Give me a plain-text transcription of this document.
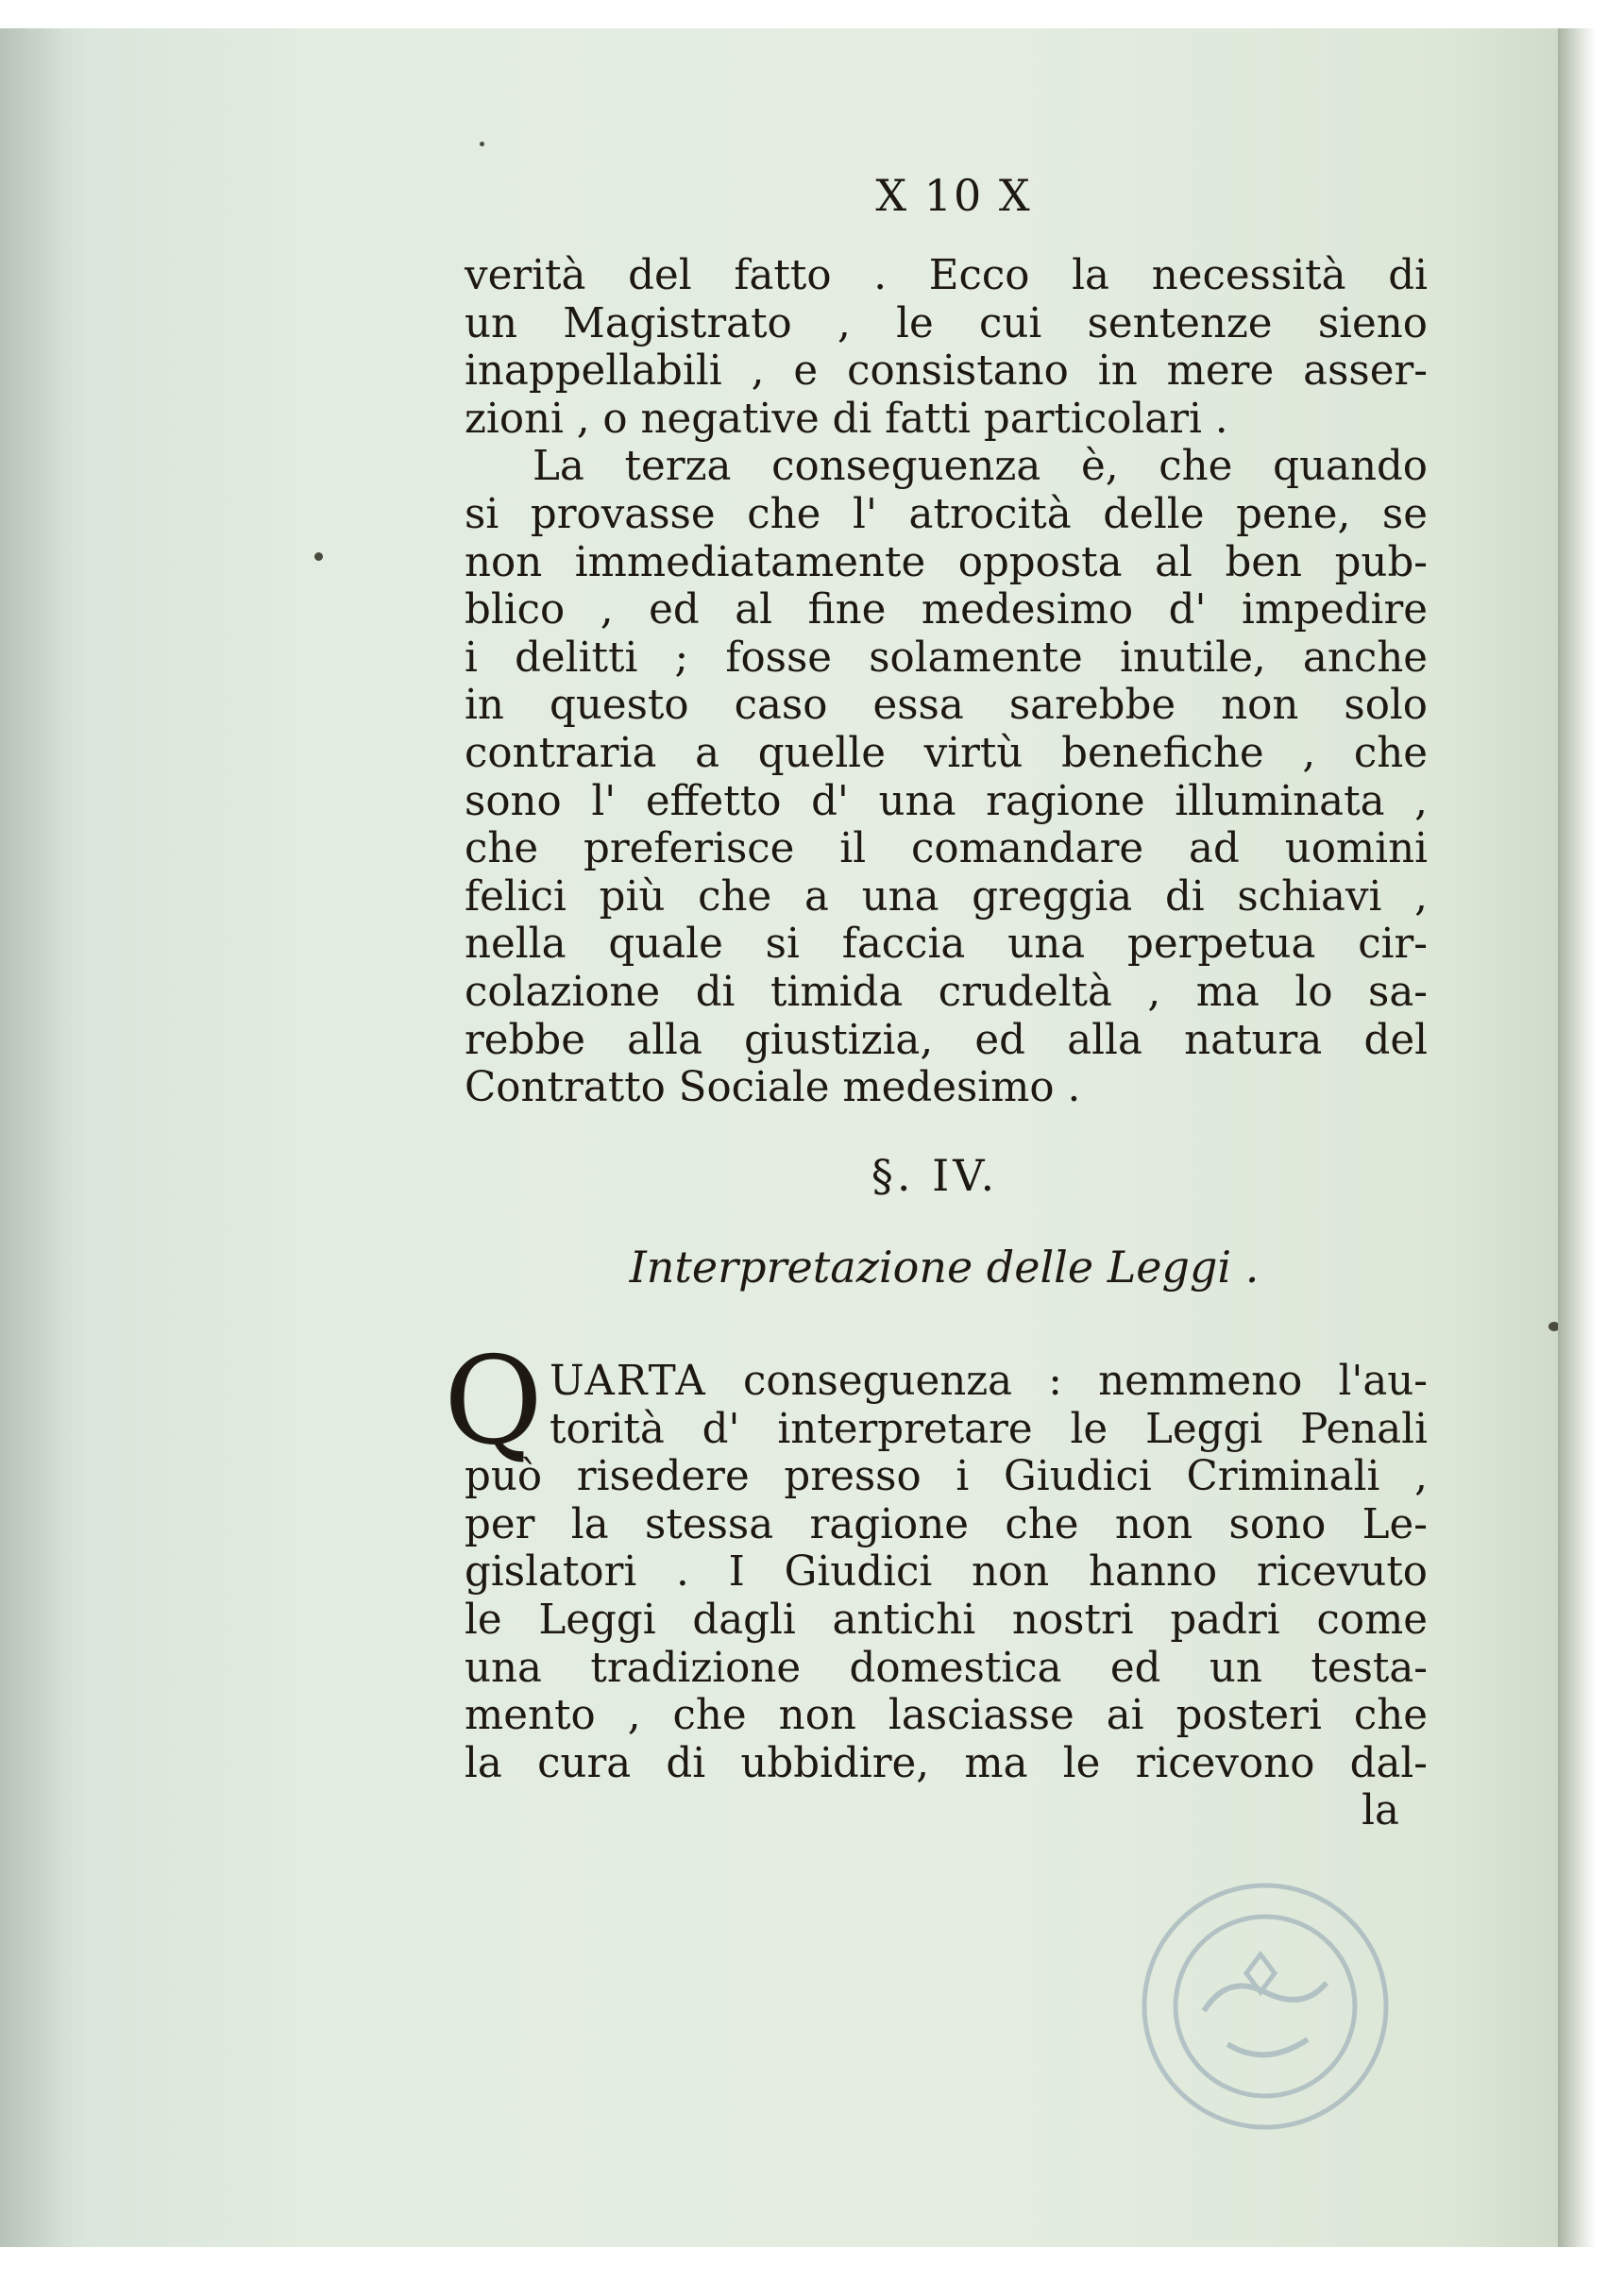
X 10 X
verità del fatto . Ecco la necessità di
un Magistrato , le cui sentenze sieno
inappellabili , e consistano in mere asser-
zioni , o negative di fatti particolari .
La terza conseguenza è, che quando
si provasse che l' atrocità delle pene, se
non immediatamente opposta al ben pub-
blico , ed al fine medesimo d' impedire
i delitti ; fosse solamente inutile, anche
in questo caso essa sarebbe non solo
contraria a quelle virtù benefiche , che
sono l' effetto d' una ragione illuminata ,
che preferisce il comandare ad uomini
felici più che a una greggia di schiavi ,
nella quale si faccia una perpetua cir-
colazione di timida crudeltà , ma lo sa-
rebbe alla giustizia, ed alla natura del
Contratto Sociale medesimo .
§. IV.
Interpretazione delle Leggi .
Q UARTA conseguenza : nemmeno l'au-
torità d' interpretare le Leggi Penali
può risedere presso i Giudici Criminali ,
per la stessa ragione che non sono Le-
gislatori . I Giudici non hanno ricevuto
le Leggi dagli antichi nostri padri come
una tradizione domestica ed un testa-
mento , che non lasciasse ai posteri che
la cura di ubbidire, ma le ricevono dal-
la
